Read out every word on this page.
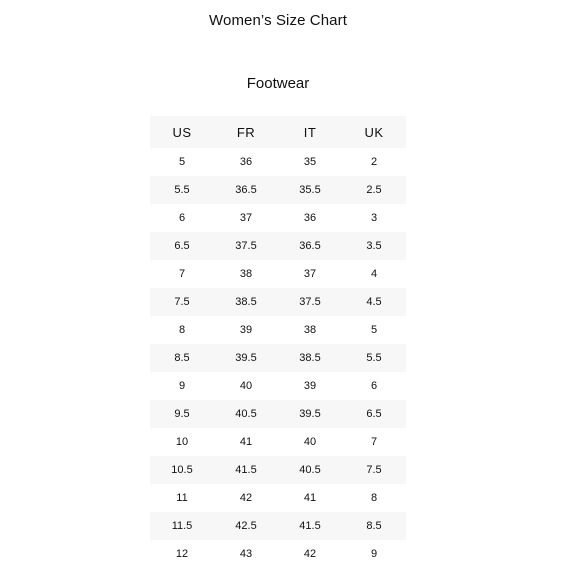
Women’s Size Chart
Footwear
US	FR	IT	UK
5	36	35	2
5.5	36.5	35.5	2.5
6	37	36	3
6.5	37.5	36.5	3.5
7	38	37	4
7.5	38.5	37.5	4.5
8	39	38	5
8.5	39.5	38.5	5.5
9	40	39	6
9.5	40.5	39.5	6.5
10	41	40	7
10.5	41.5	40.5	7.5
11	42	41	8
11.5	42.5	41.5	8.5
12	43	42	9
